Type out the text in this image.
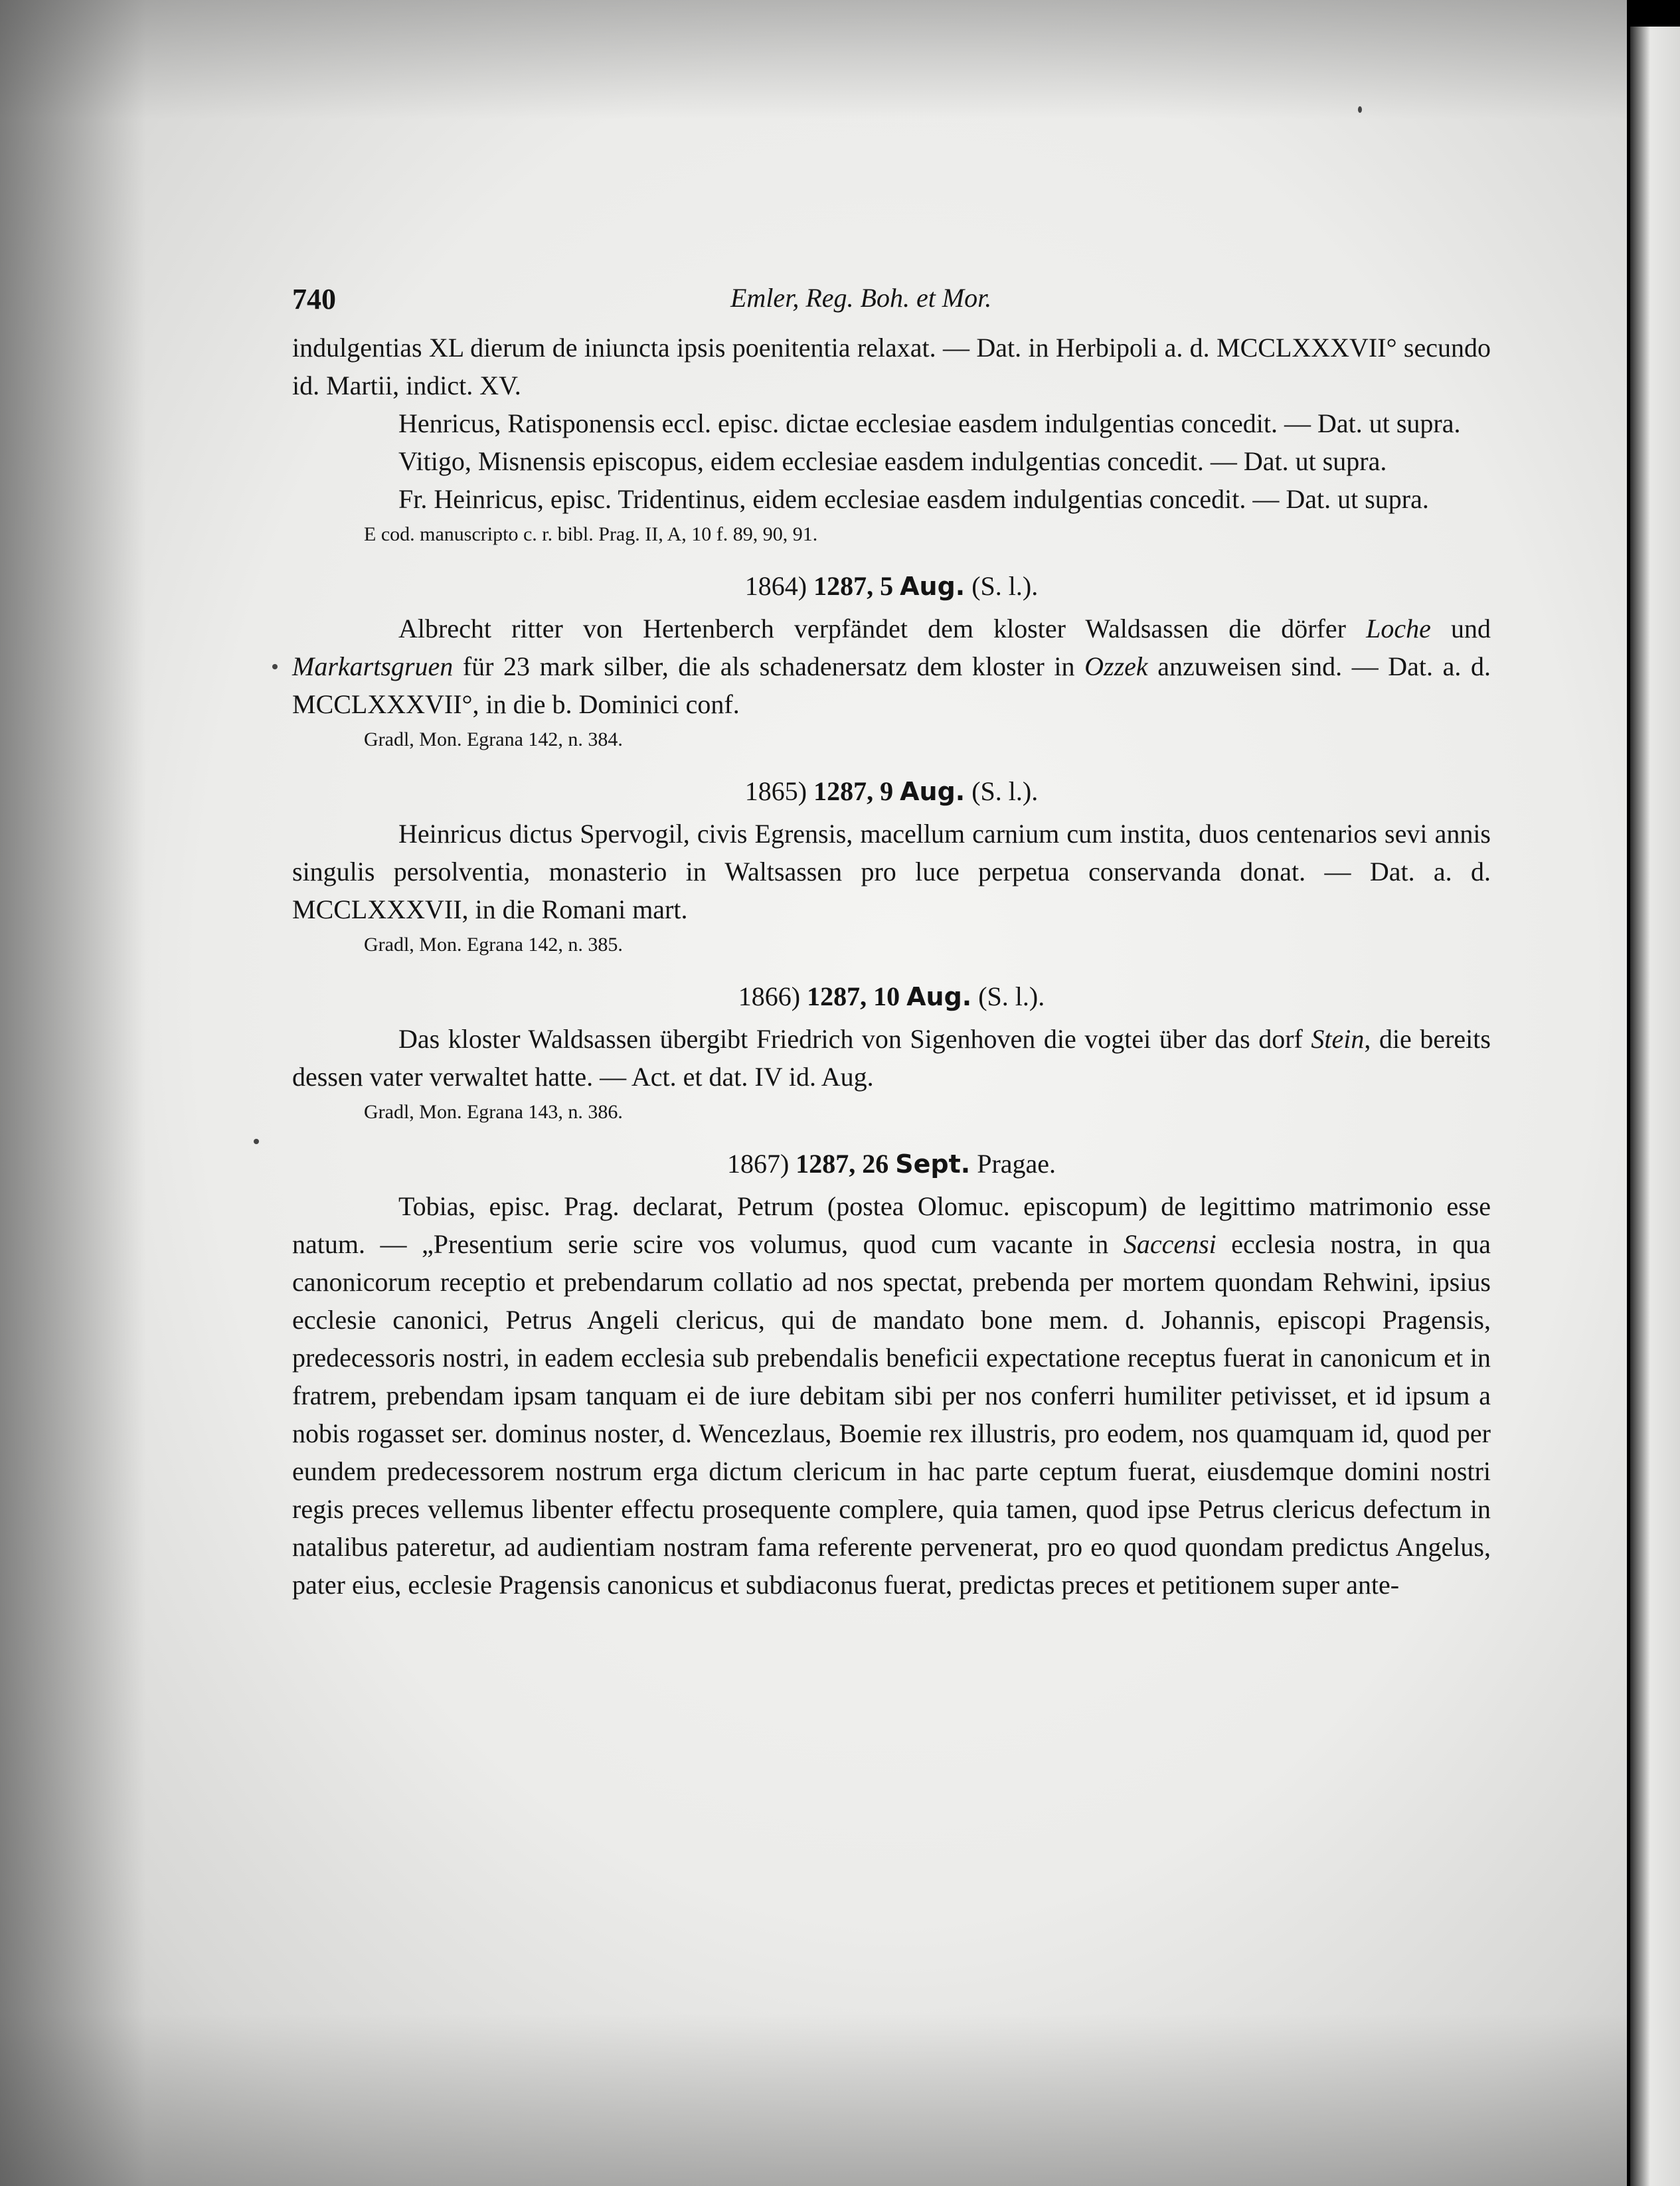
740	Emler, Reg. Boh. et Mor.

indulgentias XL dierum de iniuncta ipsis poenitentia relaxat. — Dat. in Herbipoli a. d. MCCLXXXVII° secundo id. Martii, indict. XV.

Henricus, Ratisponensis eccl. episc. dictae ecclesiae easdem indulgentias concedit. — Dat. ut supra.

Vitigo, Misnensis episcopus, eidem ecclesiae easdem indulgentias concedit. — Dat. ut supra.

Fr. Heinricus, episc. Tridentinus, eidem ecclesiae easdem indulgentias concedit. — Dat. ut supra.

E cod. manuscripto c. r. bibl. Prag. II, A, 10 f. 89, 90, 91.

1864) 1287, 5 Aug. (S. l.).

Albrecht ritter von Hertenberch verpfändet dem kloster Waldsassen die dörfer Loche und Markartsgruen für 23 mark silber, die als schadenersatz dem kloster in Ozzek anzuweisen sind. — Dat. a. d. MCCLXXXVII°, in die b. Dominici conf.

Gradl, Mon. Egrana 142, n. 384.

1865) 1287, 9 Aug. (S. l.).

Heinricus dictus Spervogil, civis Egrensis, macellum carnium cum instita, duos centenarios sevi annis singulis persolventia, monasterio in Waltsassen pro luce perpetua conservanda donat. — Dat. a. d. MCCLXXXVII, in die Romani mart.

Gradl, Mon. Egrana 142, n. 385.

1866) 1287, 10 Aug. (S. l.).

Das kloster Waldsassen übergibt Friedrich von Sigenhoven die vogtei über das dorf Stein, die bereits dessen vater verwaltet hatte. — Act. et dat. IV id. Aug.

Gradl, Mon. Egrana 143, n. 386.

1867) 1287, 26 Sept. Pragae.

Tobias, episc. Prag. declarat, Petrum (postea Olomuc. episcopum) de legittimo matrimonio esse natum. — „Presentium serie scire vos volumus, quod cum vacante in Saccensi ecclesia nostra, in qua canonicorum receptio et prebendarum collatio ad nos spectat, prebenda per mortem quondam Rehwini, ipsius ecclesie canonici, Petrus Angeli clericus, qui de mandato bone mem. d. Johannis, episcopi Pragensis, predecessoris nostri, in eadem ecclesia sub prebendalis beneficii expectatione receptus fuerat in canonicum et in fratrem, prebendam ipsam tanquam ei de iure debitam sibi per nos conferri humiliter petivisset, et id ipsum a nobis rogasset ser. dominus noster, d. Wencezlaus, Boemie rex illustris, pro eodem, nos quamquam id, quod per eundem predecessorem nostrum erga dictum clericum in hac parte ceptum fuerat, eiusdemque domini nostri regis preces vellemus libenter effectu prosequente complere, quia tamen, quod ipse Petrus clericus defectum in natalibus pateretur, ad audientiam nostram fama referente pervenerat, pro eo quod quondam predictus Angelus, pater eius, ecclesie Pragensis canonicus et subdiaconus fuerat, predictas preces et petitionem super ante-
